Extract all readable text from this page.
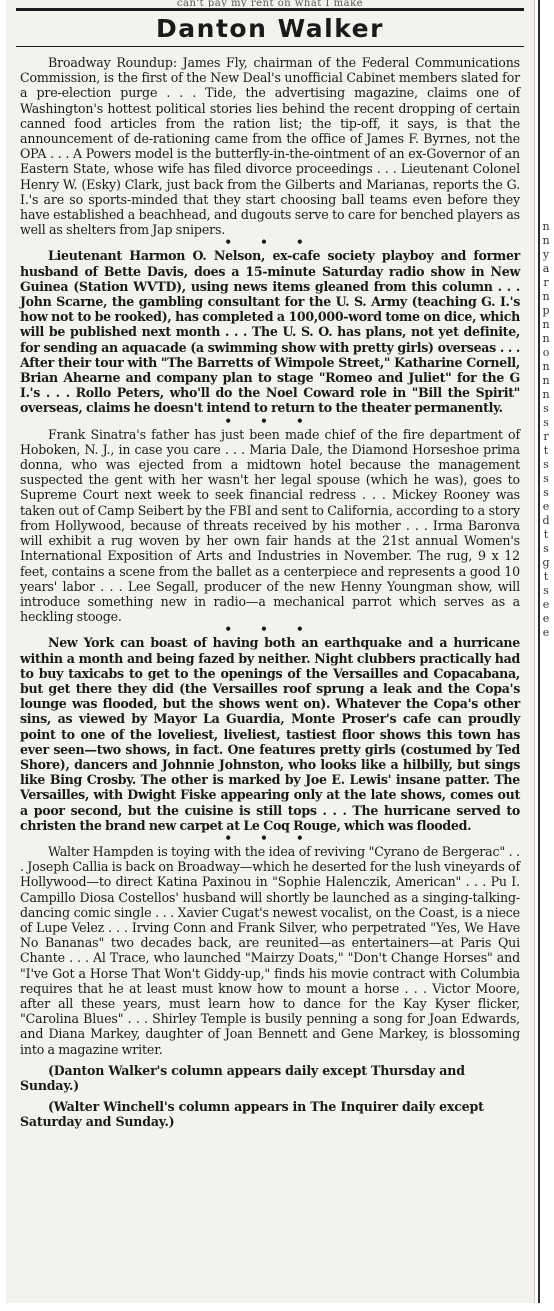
can't pay my rent on what I make
Danton Walker

Broadway Roundup: James Fly, chairman of the Federal Communications Commission, is the first of the New Deal's unofficial Cabinet members slated for a pre-election purge . . . Tide, the advertising magazine, claims one of Washington's hottest political stories lies behind the recent dropping of certain canned food articles from the ration list; the tip-off, it says, is that the announcement of de-rationing came from the office of James F. Byrnes, not the OPA . . . A Powers model is the butterfly-in-the-ointment of an ex-Governor of an Eastern State, whose wife has filed divorce proceedings . . . Lieutenant Colonel Henry W. (Esky) Clark, just back from the Gilberts and Marianas, reports the G. I.'s are so sports-minded that they start choosing ball teams even before they have established a beachhead, and dugouts serve to care for benched players as well as shelters from Jap snipers.

• • •

Lieutenant Harmon O. Nelson, ex-cafe society playboy and former husband of Bette Davis, does a 15-minute Saturday radio show in New Guinea (Station WVTD), using news items gleaned from this column . . . John Scarne, the gambling consultant for the U. S. Army (teaching G. I.'s how not to be rooked), has completed a 100,000-word tome on dice, which will be published next month . . . The U. S. O. has plans, not yet definite, for sending an aquacade (a swimming show with pretty girls) overseas . . . After their tour with "The Barretts of Wimpole Street," Katharine Cornell, Brian Ahearne and company plan to stage "Romeo and Juliet" for the G I.'s . . . Rollo Peters, who'll do the Noel Coward role in "Bill the Spirit" overseas, claims he doesn't intend to return to the theater permanently.

• • •

Frank Sinatra's father has just been made chief of the fire department of Hoboken, N. J., in case you care . . . Maria Dale, the Diamond Horseshoe prima donna, who was ejected from a midtown hotel because the management suspected the gent with her wasn't her legal spouse (which he was), goes to Supreme Court next week to seek financial redress . . . Mickey Rooney was taken out of Camp Seibert by the FBI and sent to California, according to a story from Hollywood, because of threats received by his mother . . . Irma Baronva will exhibit a rug woven by her own fair hands at the 21st annual Women's International Exposition of Arts and Industries in November. The rug, 9 x 12 feet, contains a scene from the ballet as a centerpiece and represents a good 10 years' labor . . . Lee Segall, producer of the new Henny Youngman show, will introduce something new in radio—a mechanical parrot which serves as a heckling stooge.

• • •

New York can boast of having both an earthquake and a hurricane within a month and being fazed by neither. Night clubbers practically had to buy taxicabs to get to the openings of the Versailles and Copacabana, but get there they did (the Versailles roof sprung a leak and the Copa's lounge was flooded, but the shows went on). Whatever the Copa's other sins, as viewed by Mayor La Guardia, Monte Proser's cafe can proudly point to one of the loveliest, liveliest, tastiest floor shows this town has ever seen—two shows, in fact. One features pretty girls (costumed by Ted Shore), dancers and Johnnie Johnston, who looks like a hilbilly, but sings like Bing Crosby. The other is marked by Joe E. Lewis' insane patter. The Versailles, with Dwight Fiske appearing only at the late shows, comes out a poor second, but the cuisine is still tops . . . The hurricane served to christen the brand new carpet at Le Coq Rouge, which was flooded.

• • •

Walter Hampden is toying with the idea of reviving "Cyrano de Bergerac" . . . Joseph Callia is back on Broadway—which he deserted for the lush vineyards of Hollywood—to direct Katina Paxinou in "Sophie Halenczik, American" . . . Pu I. Campillo Diosa Costellos' husband will shortly be launched as a singing-talking-dancing comic single . . . Xavier Cugat's newest vocalist, on the Coast, is a niece of Lupe Velez . . . Irving Conn and Frank Silver, who perpetrated "Yes, We Have No Bananas" two decades back, are reunited—as entertainers—at Paris Qui Chante . . . Al Trace, who launched "Mairzy Doats," "Don't Change Horses" and "I've Got a Horse That Won't Giddy-up," finds his movie contract with Columbia requires that he at least must know how to mount a horse . . . Victor Moore, after all these years, must learn how to dance for the Kay Kyser flicker, "Carolina Blues" . . . Shirley Temple is busily penning a song for Joan Edwards, and Diana Markey, daughter of Joan Bennett and Gene Markey, is blossoming into a magazine writer.

(Danton Walker's column appears daily except Thursday and Sunday.)

(Walter Winchell's column appears in The Inquirer daily except Saturday and Sunday.)

n n y a r n p n n o n n n s s r t s s s e d t s g t s e e e
